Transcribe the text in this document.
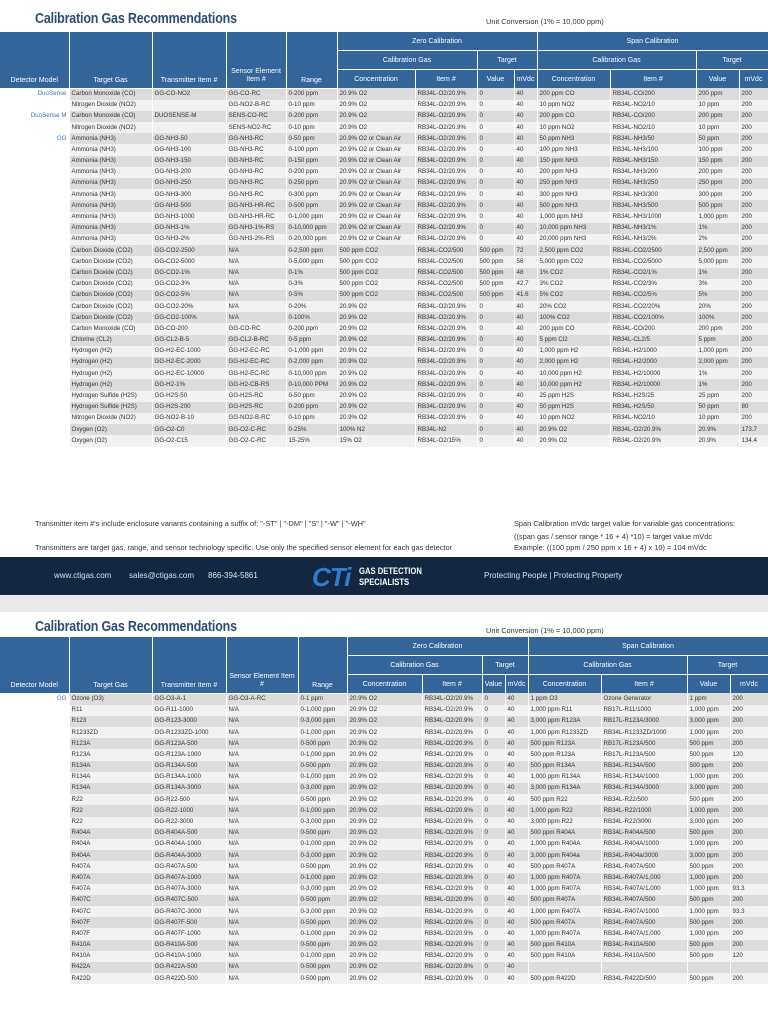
Calibration Gas Recommendations	Unit Conversion (1% = 10,000 ppm)
Detector Model	Target Gas	Transmitter Item #	Sensor Element Item #	Range	Zero Calibration				Span Calibration			
					Calibration Gas		Target		Calibration Gas		Target	
					Concentration	Item #	Value	mVdc	Concentration	Item #	Value	mVdc
DuoSense	Carbon Monoxide (CO)	GG-CO-NO2	GG-CO-RC	0-200 ppm	20.9% O2	RB34L-O2/20.9%	0	40	200 ppm CO	RB34L-CO/200	200 ppm	200
	Nitrogen Dioxide (NO2)		GG-NO2-B-RC	0-10 ppm	20.9% O2	RB34L-O2/20.9%	0	40	10 ppm NO2	RB34L-NO2/10	10 ppm	200
DuoSense M	Carbon Monoxide (CO)	DUOSENSE-M	SENS-CO-RC	0-200 ppm	20.9% O2	RB34L-O2/20.9%	0	40	200 ppm CO	RB34L-CO/200	200 ppm	200
	Nitrogen Dioxide (NO2)		SENS-NO2-RC	0-10 ppm	20.9% O2	RB34L-O2/20.9%	0	40	10 ppm NO2	RB34L-NO2/10	10 ppm	200
GG	Ammonia (NH3)	GG-NH3-50	GG-NH3-RC	0-50 ppm	20.9% O2 or Clean Air	RB34L-O2/20.9%	0	40	50 ppm NH3	RB34L-NH3/50	50 ppm	200
	Ammonia (NH3)	GG-NH3-100	GG-NH3-RC	0-100 ppm	20.9% O2 or Clean Air	RB34L-O2/20.9%	0	40	100 ppm NH3	RB34L-NH3/100	100 ppm	200
	Ammonia (NH3)	GG-NH3-150	GG-NH3-RC	0-150 ppm	20.9% O2 or Clean Air	RB34L-O2/20.9%	0	40	150 ppm NH3	RB34L-NH3/150	150 ppm	200
	Ammonia (NH3)	GG-NH3-200	GG-NH3-RC	0-200 ppm	20.9% O2 or Clean Air	RB34L-O2/20.9%	0	40	200 ppm NH3	RB34L-NH3/200	200 ppm	200
	Ammonia (NH3)	GG-NH3-250	GG-NH3-RC	0-250 ppm	20.9% O2 or Clean Air	RB34L-O2/20.9%	0	40	250 ppm NH3	RB34L-NH3/250	250 ppm	200
	Ammonia (NH3)	GG-NH3-300	GG-NH3-RC	0-300 ppm	20.9% O2 or Clean Air	RB34L-O2/20.9%	0	40	300 ppm NH3	RB34L-NH3/300	300 ppm	200
	Ammonia (NH3)	GG-NH3-500	GG-NH3-HR-RC	0-500 ppm	20.9% O2 or Clean Air	RB34L-O2/20.9%	0	40	500 ppm NH3	RB34L-NH3/500	500 ppm	200
	Ammonia (NH3)	GG-NH3-1000	GG-NH3-HR-RC	0-1,000 ppm	20.9% O2 or Clean Air	RB34L-O2/20.9%	0	40	1,000 ppm NH3	RB34L-NH3/1000	1,000 ppm	200
	Ammonia (NH3)	GG-NH3-1%	GG-NH3-1%-RS	0-10,000 ppm	20.9% O2 or Clean Air	RB34L-O2/20.9%	0	40	10,000 ppm NH3	RB34L-NH3/1%	1%	200
	Ammonia (NH3)	GG-NH3-2%	GG-NH3-2%-RS	0-20,000 ppm	20.9% O2 or Clean Air	RB34L-O2/20.9%	0	40	20,000 ppm NH3	RB34L-NH3/2%	2%	200
	Carbon Dioxide (CO2)	GG-CO2-2500	N/A	0-2,500 ppm	500 ppm CO2	RB34L-CO2/500	500 ppm	72	2,500 ppm CO2	RB34L-CO2/2500	2,500 ppm	200
	Carbon Dioxide (CO2)	GG-CO2-5000	N/A	0-5,000 ppm	500 ppm CO2	RB34L-CO2/500	500 ppm	56	5,000 ppm CO2	RB34L-CO2/5000	5,000 ppm	200
	Carbon Dioxide (CO2)	GG-CO2-1%	N/A	0-1%	500 ppm CO2	RB34L-CO2/500	500 ppm	48	1% CO2	RB34L-CO2/1%	1%	200
	Carbon Dioxide (CO2)	GG-CO2-3%	N/A	0-3%	500 ppm CO2	RB34L-CO2/500	500 ppm	42.7	3% CO2	RB34L-CO2/3%	3%	200
	Carbon Dioxide (CO2)	GG-CO2-5%	N/A	0-5%	500 ppm CO2	RB34L-CO2/500	500 ppm	41.6	5% CO2	RB34L-CO2/5%	5%	200
	Carbon Dioxide (CO2)	GG-CO2-20%	N/A	0-20%	20.9% O2	RB34L-O2/20.9%	0	40	20% CO2	RB34L-CO2/20%	20%	200
	Carbon Dioxide (CO2)	GG-CO2-100%	N/A	0-100%	20.9% O2	RB34L-O2/20.9%	0	40	100% CO2	RB34L-CO2/100%	100%	200
	Carbon Monoxide (CO)	GG-CO-200	GG-CO-RC	0-200 ppm	20.9% O2	RB34L-O2/20.9%	0	40	200 ppm CO	RB34L-CO/200	200 ppm	200
	Chlorine (CL2)	GG-CL2-B-5	GG-CL2-B-RC	0-5 ppm	20.9% O2	RB34L-O2/20.9%	0	40	5 ppm Cl2	RB34L-CL2/5	5 ppm	200
	Hydrogen (H2)	GG-H2-EC-1000	GG-H2-EC-RC	0-1,000 ppm	20.9% O2	RB34L-O2/20.9%	0	40	1,000 ppm H2	RB34L-H2/1000	1,000 ppm	200
	Hydrogen (H2)	GG-H2-EC-2000	GG-H2-EC-RC	0-2,000 ppm	20.9% O2	RB34L-O2/20.9%	0	40	2,000 ppm H2	RB34L-H2/2000	2,000 ppm	200
	Hydrogen (H2)	GG-H2-EC-10000	GG-H2-EC-RC	0-10,000 ppm	20.9% O2	RB34L-O2/20.9%	0	40	10,000 ppm H2	RB34L-H2/10000	1%	200
	Hydrogen (H2)	GG-H2-1%	GG-H2-CB-RS	0-10,000 PPM	20.9% O2	RB34L-O2/20.9%	0	40	10,000 ppm H2	RB34L-H2/10000	1%	200
	Hydrogen Sulfide (H2S)	GG-H2S-50	GG-H2S-RC	0-50 ppm	20.9% O2	RB34L-O2/20.9%	0	40	25 ppm H2S	RB34L-H2S/25	25 ppm	200
	Hydrogen Sulfide (H2S)	GG-H2S-200	GG-H2S-RC	0-200 ppm	20.9% O2	RB34L-O2/20.9%	0	40	50 ppm H2S	RB34L-H2S/50	50 ppm	80
	Nitrogen Dioxide (NO2)	GG-NO2-B-10	GG-NO2-B-RC	0-10 ppm	20.9% O2	RB34L-O2/20.9%	0	40	10 ppm NO2	RB34L-NO2/10	10 ppm	200
	Oxygen (O2)	GG-O2-C0	GG-O2-C-RC	0-25%	100% N2	RB34L-N2	0	40	20.9% O2	RB34L-O2/20.9%	20.9%	173.7
	Oxygen (O2)	GG-O2-C15	GG-O2-C-RC	15-25%	15% O2	RB34L-O2/15%	0	40	20.9% O2	RB34L-O2/20.9%	20.9%	134.4
Transmitter item #'s include enclosure variants containing a suffix of: "-ST" | "-DM" | "S" | "-W" | "-WH"
Transmitters are target gas, range, and sensor technology specific. Use only the specified sensor element for each gas detector
Span Calibration mVdc target value for variable gas concentrations:
((span gas / sensor range * 16 + 4) *10) = target value mVdc
Example: ((100 ppm / 250 ppm x 16 + 4) x 10) = 104 mVdc
www.ctigas.com sales@ctigas.com 866-394-5861 CTi GAS DETECTION
SPECIALISTS
Protecting People | Protecting Property
Calibration Gas Recommendations	Unit Conversion (1% = 10,000 ppm)
Detector Model	Target Gas	Transmitter Item #	Sensor Element Item #	Range	Zero Calibration				Span Calibration			
					Calibration Gas		Target		Calibration Gas		Target	
					Concentration	Item #	Value	mVdc	Concentration	Item #	Value	mVdc
GG	Ozone (O3)	GG-O3-A-1	GG-O3-A-RC	0-1 ppm	20.9% O2	RB34L-O2/20.9%	0	40	1 ppm O3	Ozone Generator	1 ppm	200
	R11	GG-R11-1000	N/A	0-1,000 ppm	20.9% O2	RB34L-O2/20.9%	0	40	1,000 ppm R11	RB17L-R11/1000	1,000 ppm	200
	R123	GG-R123-3000	N/A	0-3,000 ppm	20.9% O2	RB34L-O2/20.9%	0	40	3,000 ppm R123A	RB17L-R123A/3000	3,000 ppm	200
	R1233ZD	GG-R1233ZD-1000	N/A	0-1,000 ppm	20.9% O2	RB34L-O2/20.9%	0	40	1,000 ppm R1233ZD	RB34L-R1233ZD/1000	1,000 ppm	200
	R123A	GG-R123A-500	N/A	0-500 ppm	20.9% O2	RB34L-O2/20.9%	0	40	500 ppm R123A	RB17L-R123A/500	500 ppm	200
	R123A	GG-R123A-1000	N/A	0-1,000 ppm	20.9% O2	RB34L-O2/20.9%	0	40	500 ppm R123A	RB17L-R123A/500	500 ppm	120
	R134A	GG-R134A-500	N/A	0-500 ppm	20.9% O2	RB34L-O2/20.9%	0	40	500 ppm R134A	RB34L-R134A/500	500 ppm	200
	R134A	GG-R134A-1000	N/A	0-1,000 ppm	20.9% O2	RB34L-O2/20.9%	0	40	1,000 ppm R134A	RB34L-R134A/1000	1,000 ppm	200
	R134A	GG-R134A-3000	N/A	0-3,000 ppm	20.9% O2	RB34L-O2/20.9%	0	40	3,000 ppm R134A	RB34L-R134A/3000	3,000 ppm	200
	R22	GG-R22-500	N/A	0-500 ppm	20.9% O2	RB34L-O2/20.9%	0	40	500 ppm R22	RB34L-R22/500	500 ppm	200
	R22	GG-R22-1000	N/A	0-1,000 ppm	20.9% O2	RB34L-O2/20.9%	0	40	1,000 ppm R22	RB34L-R22/1000	1,000 ppm	200
	R22	GG-R22-3000	N/A	0-3,000 ppm	20.9% O2	RB34L-O2/20.9%	0	40	3,000 ppm R22	RB34L-R22/3000	3,000 ppm	200
	R404A	GG-R404A-500	N/A	0-500 ppm	20.9% O2	RB34L-O2/20.9%	0	40	500 ppm R404A	RB34L-R404A/500	500 ppm	200
	R404A	GG-R404A-1000	N/A	0-1,000 ppm	20.9% O2	RB34L-O2/20.9%	0	40	1,000 ppm R404A	RB34L-R404A/1000	1,000 ppm	200
	R404A	GG-R404A-3000	N/A	0-3,000 ppm	20.9% O2	RB34L-O2/20.9%	0	40	3,000 ppm R404a	RB34L-R404a/3000	3,000 ppm	200
	R407A	GG-R407A-500	N/A	0-500 ppm	20.9% O2	RB34L-O2/20.9%	0	40	500 ppm R407A	RB34L-R407A/500	500 ppm	200
	R407A	GG-R407A-1000	N/A	0-1,000 ppm	20.9% O2	RB34L-O2/20.9%	0	40	1,000 ppm R407A	RB34L-R407A/1,000	1,000 ppm	200
	R407A	GG-R407A-3000	N/A	0-3,000 ppm	20.9% O2	RB34L-O2/20.9%	0	40	1,000 ppm R407A	RB34L-R407A/1,000	1,000 ppm	93.3
	R407C	GG-R407C-500	N/A	0-500 ppm	20.9% O2	RB34L-O2/20.9%	0	40	500 ppm R407A	RB34L-R407A/500	500 ppm	200
	R407C	GG-R407C-3000	N/A	0-3,000 ppm	20.9% O2	RB34L-O2/20.9%	0	40	1,000 ppm R407A	RB34L-R407A/1000	1,000 ppm	93.3
	R407F	GG-R407F-500	N/A	0-500 ppm	20.9% O2	RB34L-O2/20.9%	0	40	500 ppm R407A	RB34L-R407A/500	500 ppm	200
	R407F	GG-R407F-1000	N/A	0-1,000 ppm	20.9% O2	RB34L-O2/20.9%	0	40	1,000 ppm R407A	RB34L-R407A/1,000	1,000 ppm	200
	R410A	GG-R410A-500	N/A	0-500 ppm	20.9% O2	RB34L-O2/20.9%	0	40	500 ppm R410A	RB34L-R410A/500	500 ppm	200
	R410A	GG-R410A-1000	N/A	0-1,000 ppm	20.9% O2	RB34L-O2/20.9%	0	40	500 ppm R410A	RB34L-R410A/500	500 ppm	120
	R422A	GG-R422A-500	N/A	0-500 ppm	20.9% O2	RB34L-O2/20.9%	0	40				
	R422D	GG-R422D-500	N/A	0-500 ppm	20.9% O2	RB34L-O2/20.9%	0	40	500 ppm R422D	RB34L-R422D/500	500 ppm	200
